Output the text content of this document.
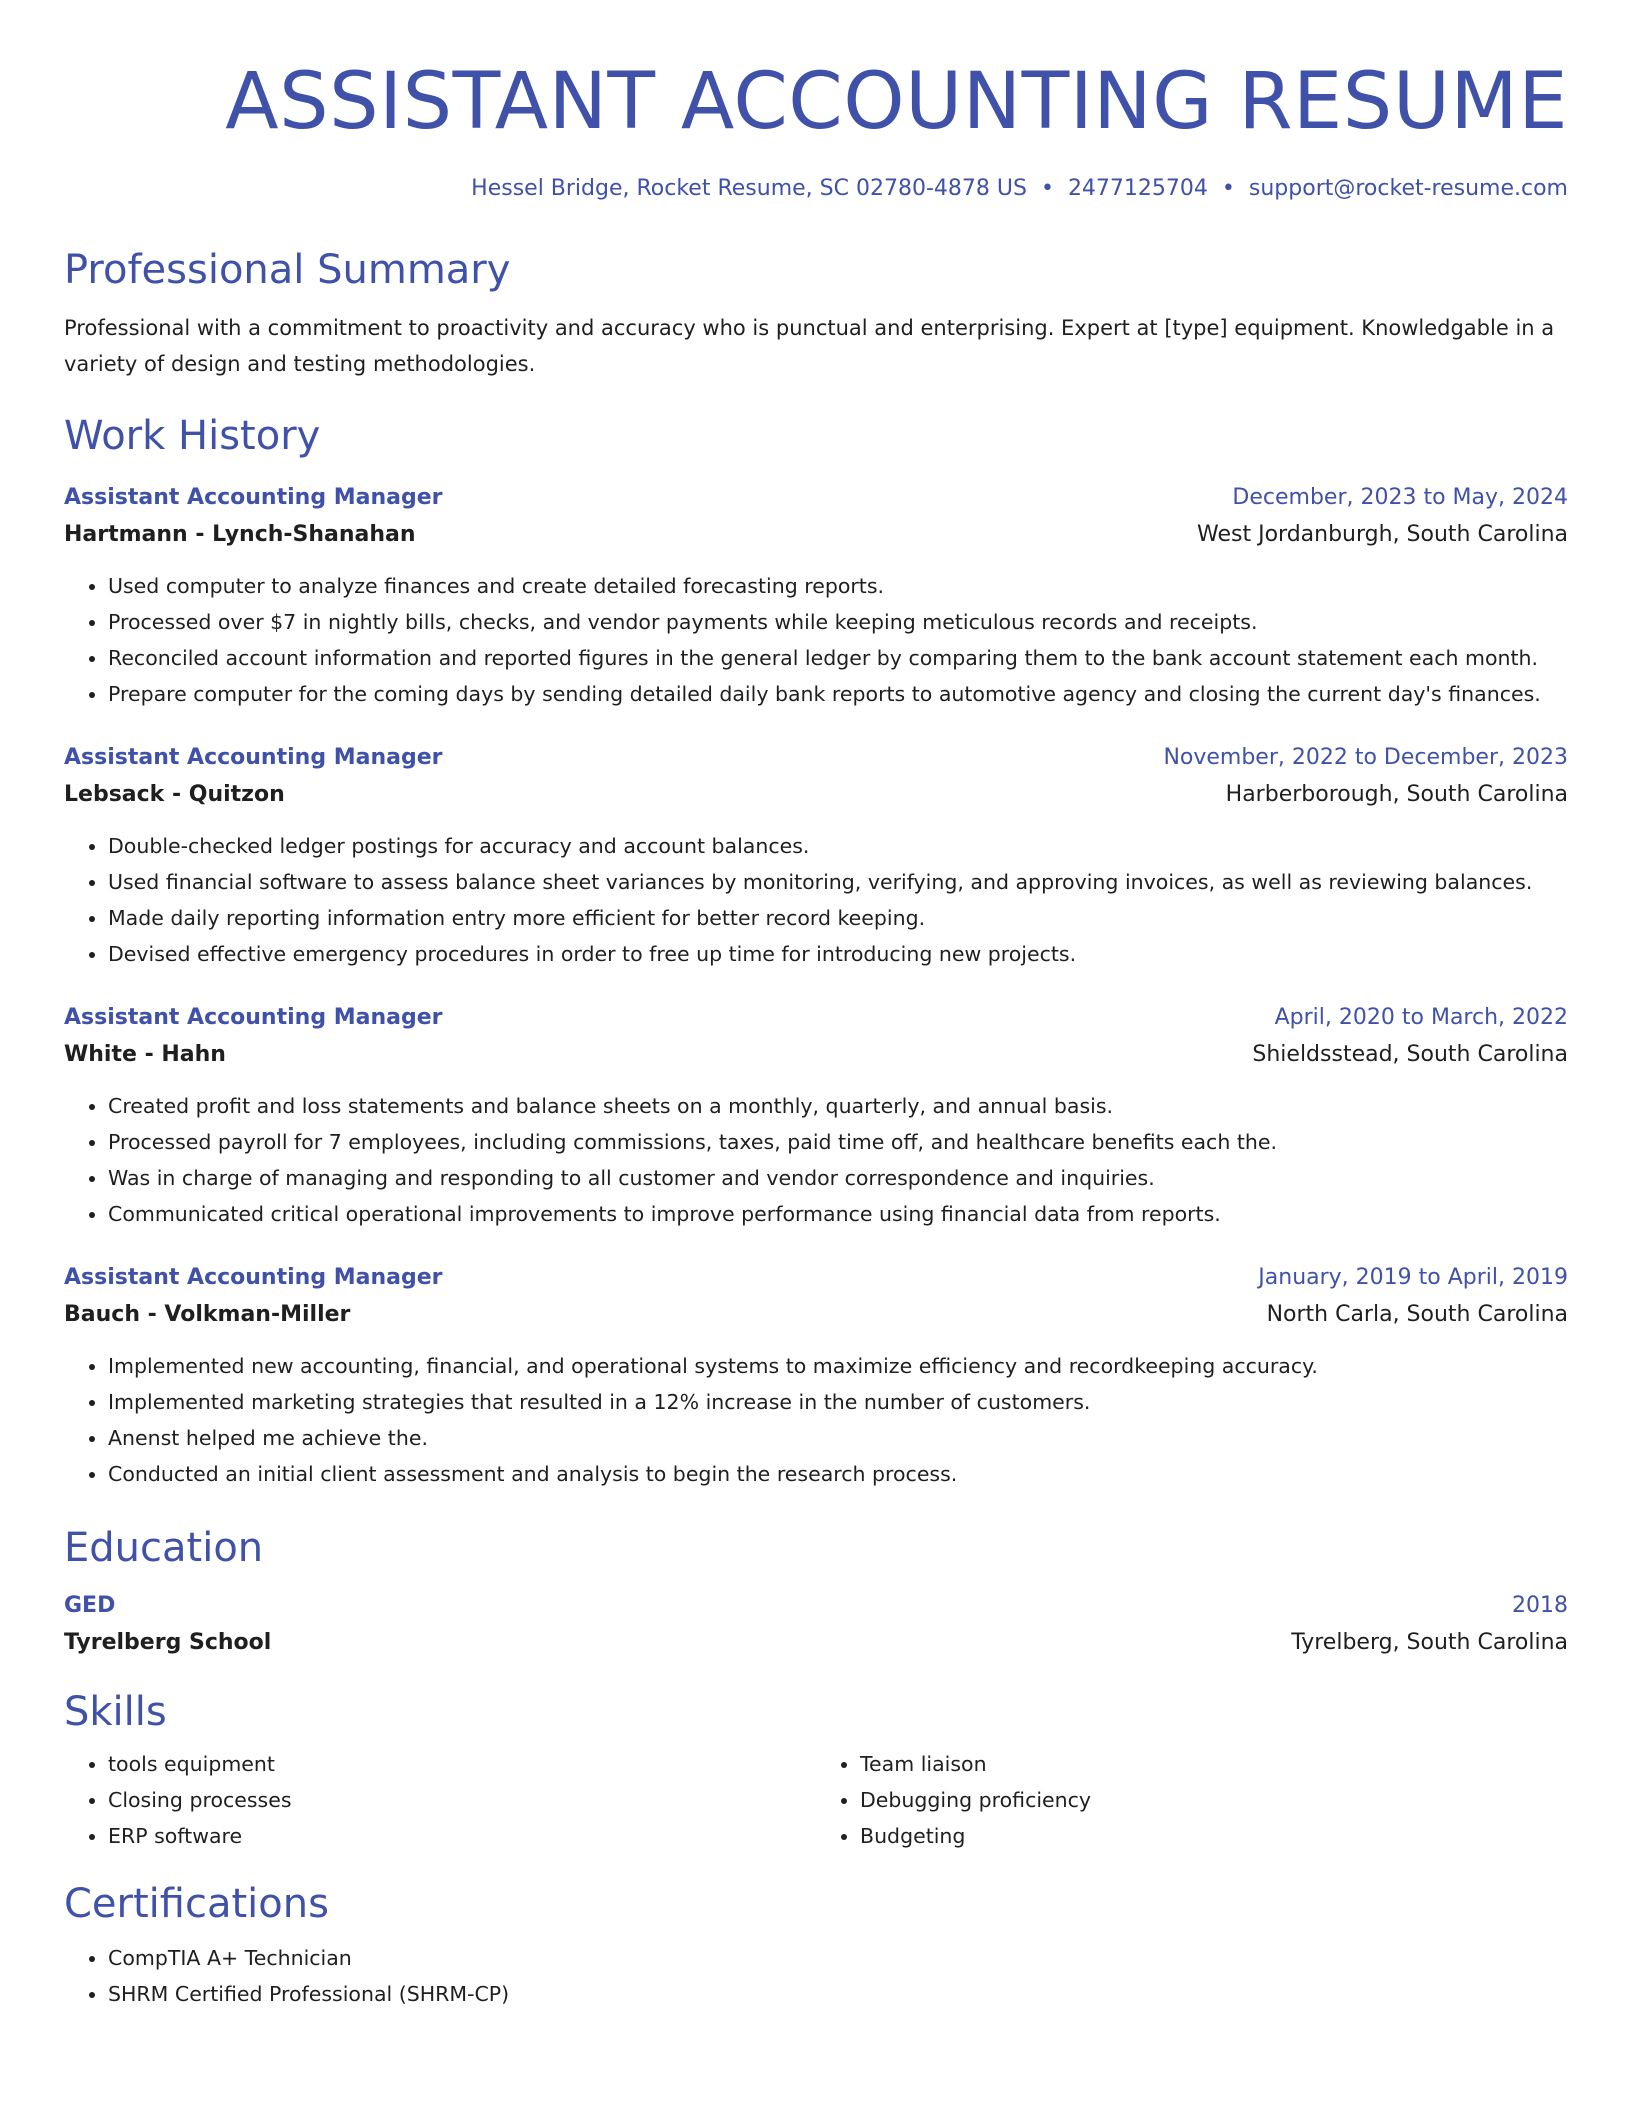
ASSISTANT ACCOUNTING RESUME
Hessel Bridge, Rocket Resume, SC 02780-4878 US • 2477125704 • support@rocket-resume.com
Professional Summary
Professional with a commitment to proactivity and accuracy who is punctual and enterprising. Expert at [type] equipment. Knowledgable in a variety of design and testing methodologies.
Work History
Assistant Accounting Manager	December, 2023 to May, 2024
Hartmann - Lynch-Shanahan	West Jordanburgh, South Carolina
• Used computer to analyze finances and create detailed forecasting reports.
• Processed over $7 in nightly bills, checks, and vendor payments while keeping meticulous records and receipts.
• Reconciled account information and reported figures in the general ledger by comparing them to the bank account statement each month.
• Prepare computer for the coming days by sending detailed daily bank reports to automotive agency and closing the current day's finances.
Assistant Accounting Manager	November, 2022 to December, 2023
Lebsack - Quitzon	Harberborough, South Carolina
• Double-checked ledger postings for accuracy and account balances.
• Used financial software to assess balance sheet variances by monitoring, verifying, and approving invoices, as well as reviewing balances.
• Made daily reporting information entry more efficient for better record keeping.
• Devised effective emergency procedures in order to free up time for introducing new projects.
Assistant Accounting Manager	April, 2020 to March, 2022
White - Hahn	Shieldsstead, South Carolina
• Created profit and loss statements and balance sheets on a monthly, quarterly, and annual basis.
• Processed payroll for 7 employees, including commissions, taxes, paid time off, and healthcare benefits each the.
• Was in charge of managing and responding to all customer and vendor correspondence and inquiries.
• Communicated critical operational improvements to improve performance using financial data from reports.
Assistant Accounting Manager	January, 2019 to April, 2019
Bauch - Volkman-Miller	North Carla, South Carolina
• Implemented new accounting, financial, and operational systems to maximize efficiency and recordkeeping accuracy.
• Implemented marketing strategies that resulted in a 12% increase in the number of customers.
• Anenst helped me achieve the.
• Conducted an initial client assessment and analysis to begin the research process.
Education
GED	2018
Tyrelberg School	Tyrelberg, South Carolina
Skills
• tools equipment
• Closing processes
• ERP software
• Team liaison
• Debugging proficiency
• Budgeting
Certifications
• CompTIA A+ Technician
• SHRM Certified Professional (SHRM-CP)
